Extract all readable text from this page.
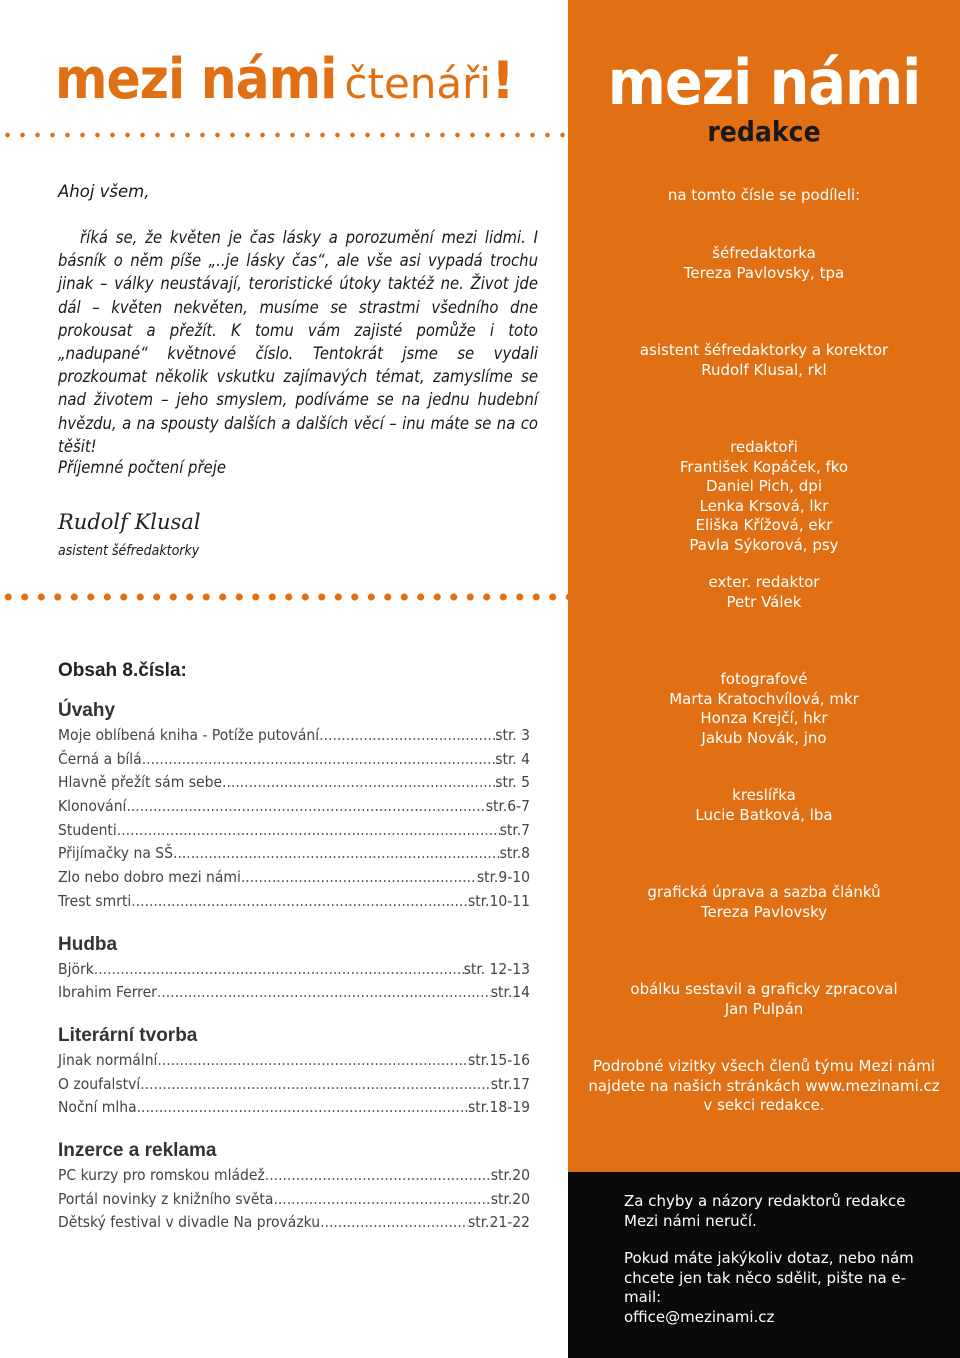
mezi námi čtenáři!
Ahoj všem,
říká se, že květen je čas lásky a porozumění mezi lidmi. I básník o něm píše „..je lásky čas“, ale vše asi vypadá trochu jinak – války neustávají, teroristické útoky taktéž ne. Život jde dál – květen nekvěten, musíme se strastmi všedního dne prokousat a přežít. K tomu vám zajisté pomůže i toto „nadupané“ květnové číslo. Tentokrát jsme se vydali prozkoumat několik vskutku zajímavých témat, zamyslíme se nad životem – jeho smyslem, podíváme se na jednu hudební hvězdu, a na spousty dalších a dalších věcí – inu máte se na co těšit!
Příjemné počtení přeje
Rudolf Klusal
asistent šéfredaktorky
Obsah 8.čísla:
Úvahy
Moje oblíbená kniha - Potíže putování .....	str. 3
Černá a bílá .....	str. 4
Hlavně přežít sám sebe .....	str. 5
Klonování .....	str.6-7
Studenti .....	str.7
Přijímačky na SŠ .....	str.8
Zlo nebo dobro mezi námi .....	str.9-10
Trest smrti .....	str.10-11
Hudba
Björk .....	str. 12-13
Ibrahim Ferrer .....	str.14
Literární tvorba
Jinak normální .....	str.15-16
O zoufalství .....	str.17
Noční mlha .....	str.18-19
Inzerce a reklama
PC kurzy pro romskou mládež .....	str.20
Portál novinky z knižního světa .....	str.20
Dětský festival v divadle Na provázku .....	str.21-22
mezi námi
redakce
na tomto čísle se podíleli:
šéfredaktorka
Tereza Pavlovsky, tpa
asistent šéfredaktorky a korektor
Rudolf Klusal, rkl
redaktoři
František Kopáček, fko
Daniel Pich, dpi
Lenka Krsová, lkr
Eliška Křížová, ekr
Pavla Sýkorová, psy
exter. redaktor
Petr Válek
fotografové
Marta Kratochvílová, mkr
Honza Krejčí, hkr
Jakub Novák, jno
kreslířka
Lucie Batková, lba
grafická úprava a sazba článků
Tereza Pavlovsky
obálku sestavil a graficky zpracoval
Jan Pulpán
Podrobné vizitky všech členů týmu Mezi námi
najdete na našich stránkách www.mezinami.cz
v sekci redakce.

Za chyby a názory redaktorů redakce Mezi námi neručí.

Pokud máte jakýkoliv dotaz, nebo nám chcete jen tak něco sdělit, pište na e-mail:
office@mezinami.cz
